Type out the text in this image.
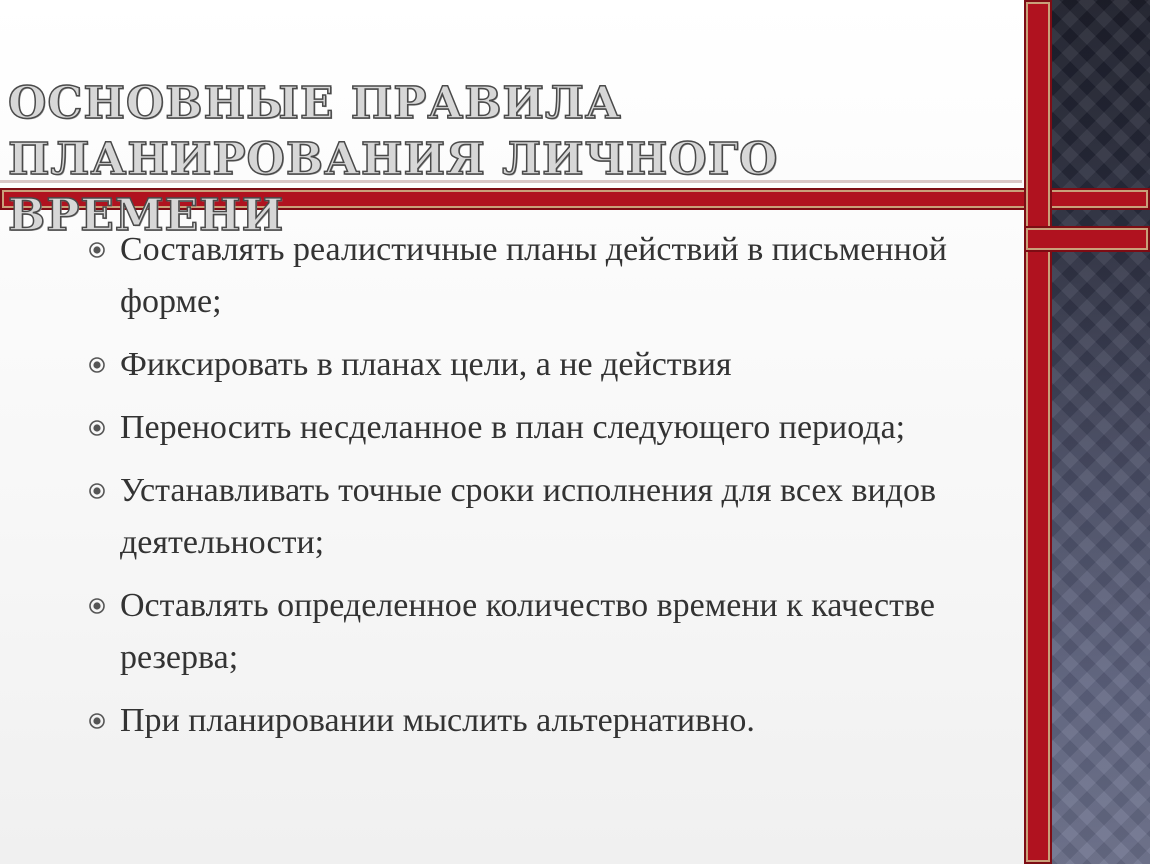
ОСНОВНЫЕ ПРАВИЛА ПЛАНИРОВАНИЯ ЛИЧНОГО ВРЕМЕНИ
Составлять реалистичные планы действий в письменной форме;
Фиксировать в планах цели, а не действия
Переносить несделанное в план следующего периода;
Устанавливать точные сроки исполнения для всех видов деятельности;
Оставлять определенное количество времени к качестве резерва;
При планировании мыслить альтернативно.
